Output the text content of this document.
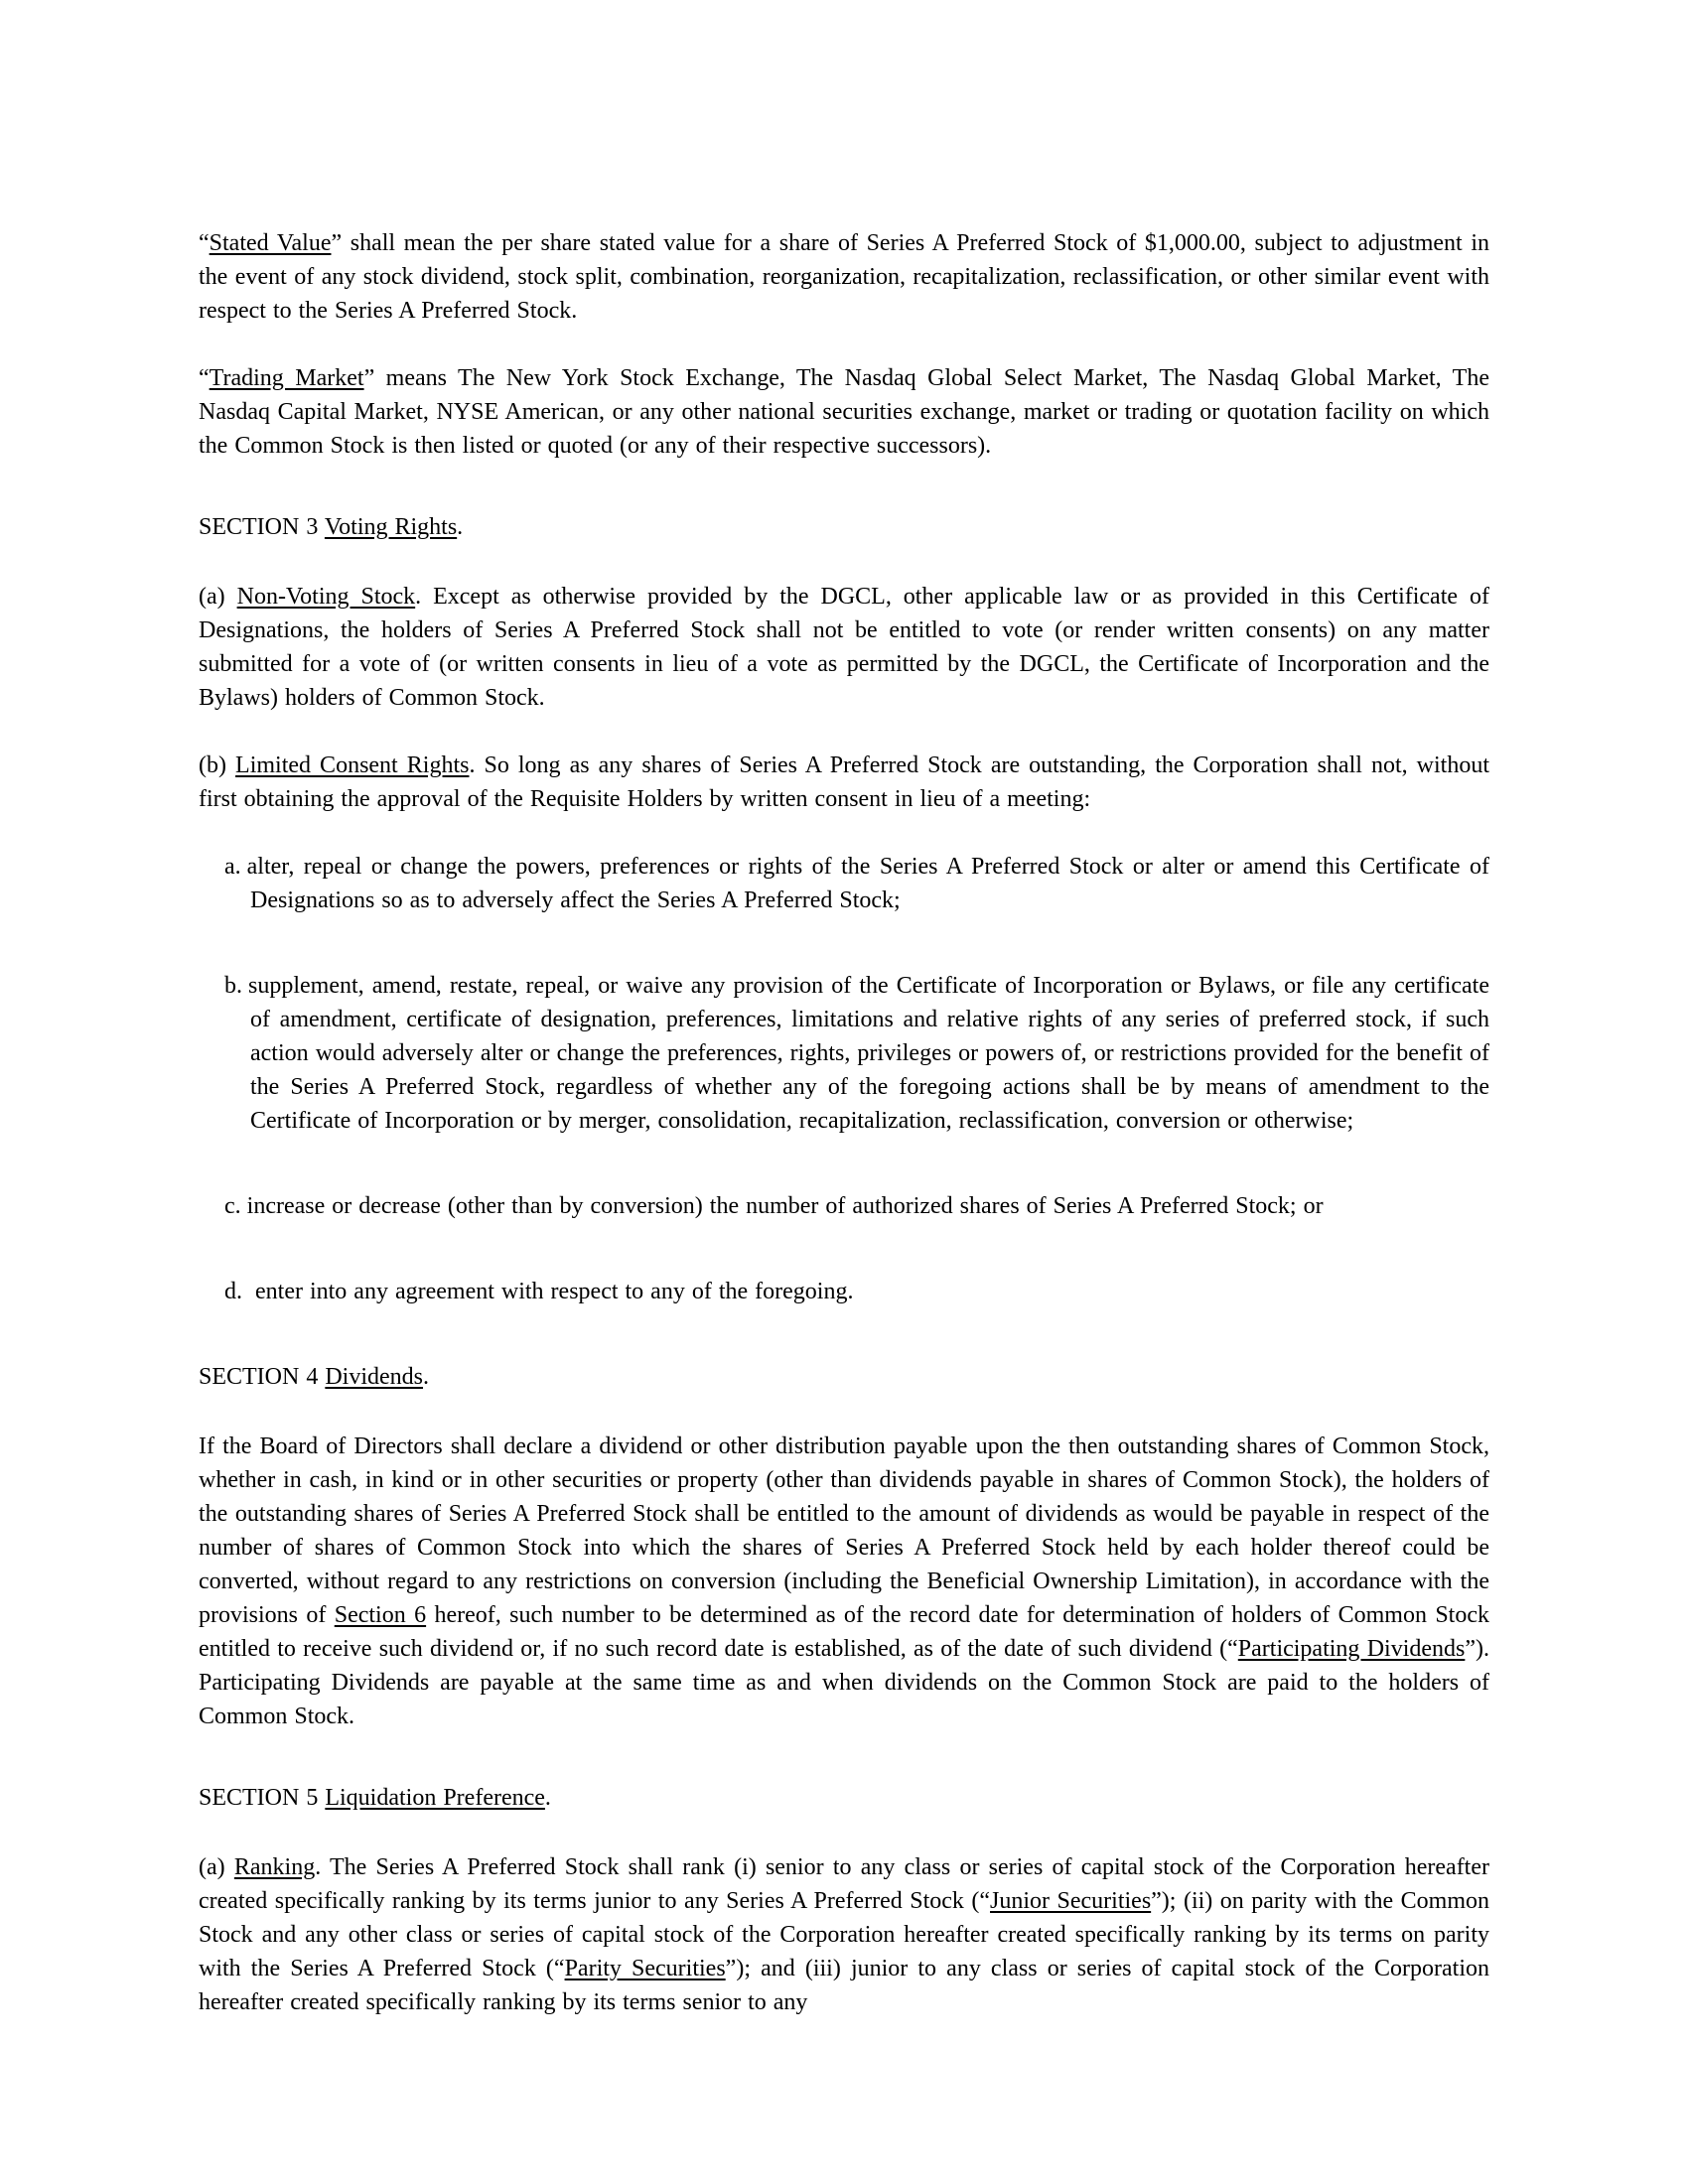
“Stated Value” shall mean the per share stated value for a share of Series A Preferred Stock of $1,000.00, subject to adjustment in the event of any stock dividend, stock split, combination, reorganization, recapitalization, reclassification, or other similar event with respect to the Series A Preferred Stock.

“Trading Market” means The New York Stock Exchange, The Nasdaq Global Select Market, The Nasdaq Global Market, The Nasdaq Capital Market, NYSE American, or any other national securities exchange, market or trading or quotation facility on which the Common Stock is then listed or quoted (or any of their respective successors).

SECTION 3 Voting Rights.

(a) Non-Voting Stock. Except as otherwise provided by the DGCL, other applicable law or as provided in this Certificate of Designations, the holders of Series A Preferred Stock shall not be entitled to vote (or render written consents) on any matter submitted for a vote of (or written consents in lieu of a vote as permitted by the DGCL, the Certificate of Incorporation and the Bylaws) holders of Common Stock.

(b) Limited Consent Rights. So long as any shares of Series A Preferred Stock are outstanding, the Corporation shall not, without first obtaining the approval of the Requisite Holders by written consent in lieu of a meeting:

a. alter, repeal or change the powers, preferences or rights of the Series A Preferred Stock or alter or amend this Certificate of Designations so as to adversely affect the Series A Preferred Stock;

b. supplement, amend, restate, repeal, or waive any provision of the Certificate of Incorporation or Bylaws, or file any certificate of amendment, certificate of designation, preferences, limitations and relative rights of any series of preferred stock, if such action would adversely alter or change the preferences, rights, privileges or powers of, or restrictions provided for the benefit of the Series A Preferred Stock, regardless of whether any of the foregoing actions shall be by means of amendment to the Certificate of Incorporation or by merger, consolidation, recapitalization, reclassification, conversion or otherwise;

c. increase or decrease (other than by conversion) the number of authorized shares of Series A Preferred Stock; or

d. enter into any agreement with respect to any of the foregoing.

SECTION 4 Dividends.

If the Board of Directors shall declare a dividend or other distribution payable upon the then outstanding shares of Common Stock, whether in cash, in kind or in other securities or property (other than dividends payable in shares of Common Stock), the holders of the outstanding shares of Series A Preferred Stock shall be entitled to the amount of dividends as would be payable in respect of the number of shares of Common Stock into which the shares of Series A Preferred Stock held by each holder thereof could be converted, without regard to any restrictions on conversion (including the Beneficial Ownership Limitation), in accordance with the provisions of Section 6 hereof, such number to be determined as of the record date for determination of holders of Common Stock entitled to receive such dividend or, if no such record date is established, as of the date of such dividend (“Participating Dividends”). Participating Dividends are payable at the same time as and when dividends on the Common Stock are paid to the holders of Common Stock.

SECTION 5 Liquidation Preference.

(a) Ranking. The Series A Preferred Stock shall rank (i) senior to any class or series of capital stock of the Corporation hereafter created specifically ranking by its terms junior to any Series A Preferred Stock (“Junior Securities”); (ii) on parity with the Common Stock and any other class or series of capital stock of the Corporation hereafter created specifically ranking by its terms on parity with the Series A Preferred Stock (“Parity Securities”); and (iii) junior to any class or series of capital stock of the Corporation hereafter created specifically ranking by its terms senior to any
